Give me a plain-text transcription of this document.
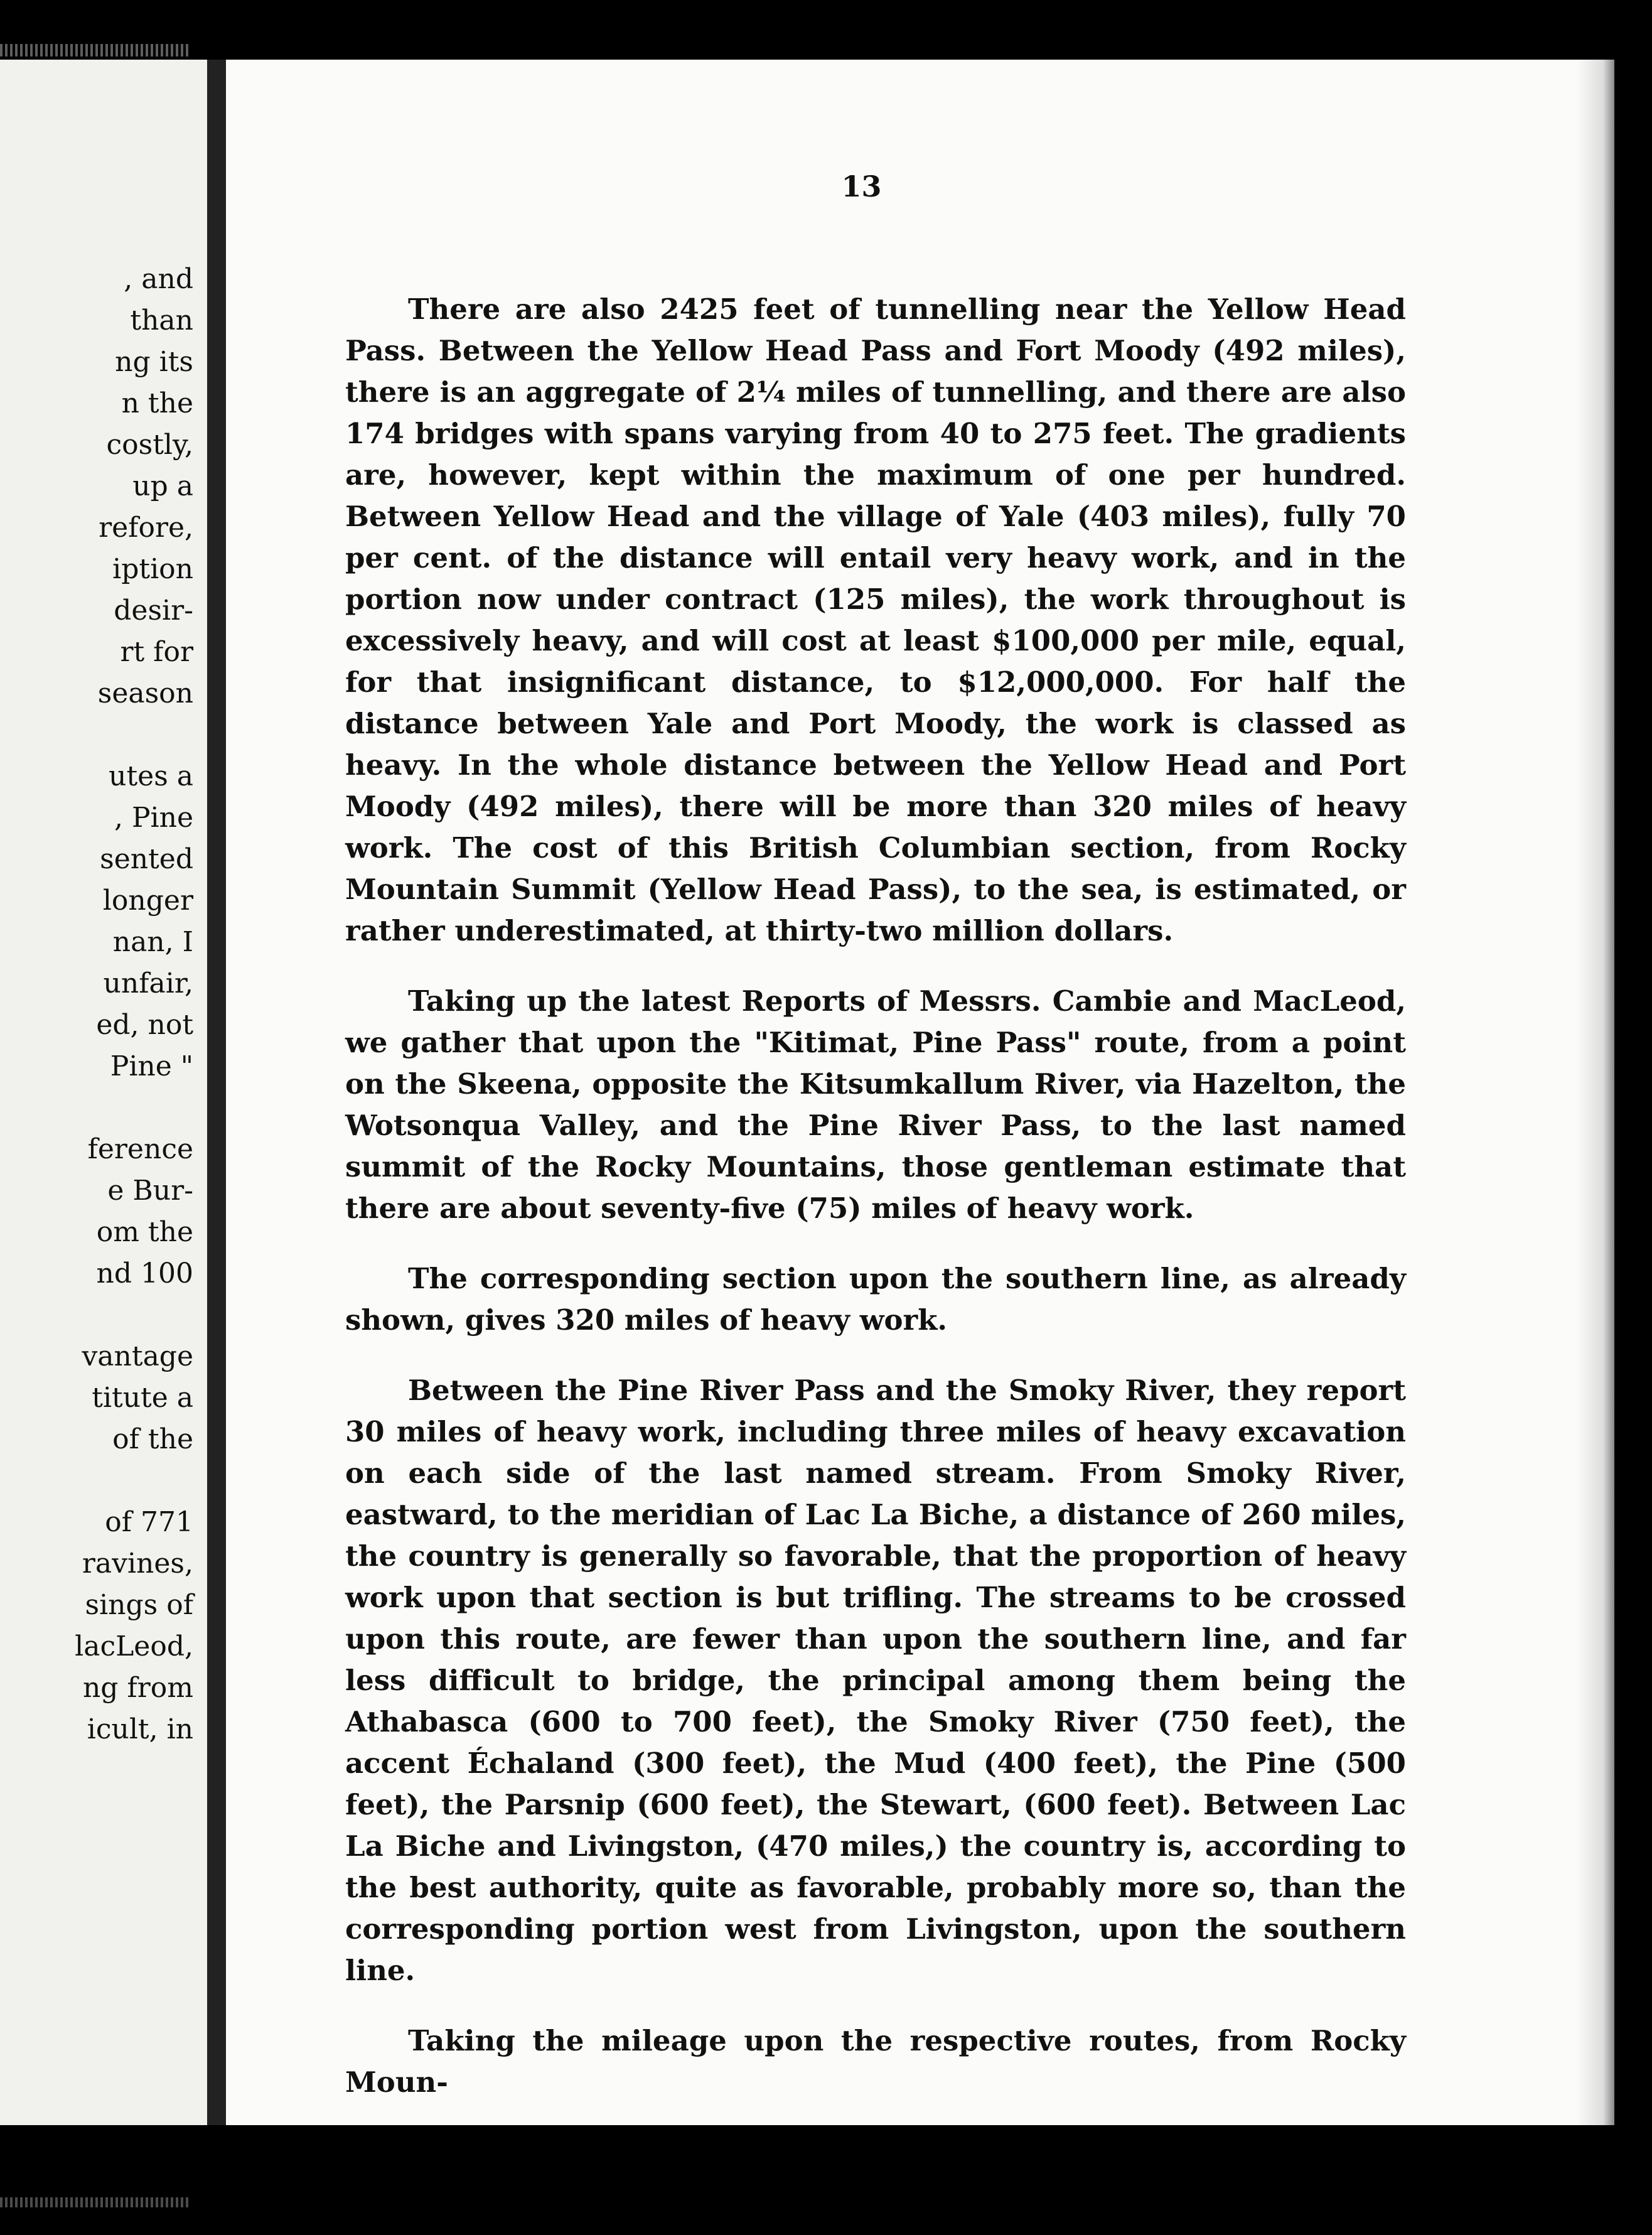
, and
than
ng its
n the
costly,
up a
refore,
iption
desir-
rt for
season
utes a
, Pine
sented
longer
nan, I
unfair,
ed, not
Pine "
ference
e Bur-
om the
nd 100
vantage
titute a
of the
of 771
ravines,
sings of
lacLeod,
ng from
icult, in
13

There are also 2425 feet of tunnelling near the Yellow Head Pass. Between the Yellow Head Pass and Fort Moody (492 miles), there is an aggregate of 2¼ miles of tunnelling, and there are also 174 bridges with spans varying from 40 to 275 feet. The gradients are, however, kept within the maximum of one per hundred. Between Yellow Head and the village of Yale (403 miles), fully 70 per cent. of the distance will entail very heavy work, and in the portion now under contract (125 miles), the work throughout is excessively heavy, and will cost at least $100,000 per mile, equal, for that insignificant distance, to $12,000,000. For half the distance between Yale and Port Moody, the work is classed as heavy. In the whole distance between the Yellow Head and Port Moody (492 miles), there will be more than 320 miles of heavy work. The cost of this British Columbian section, from Rocky Mountain Summit (Yellow Head Pass), to the sea, is estimated, or rather underestimated, at thirty-two million dollars.

Taking up the latest Reports of Messrs. Cambie and MacLeod, we gather that upon the "Kitimat, Pine Pass" route, from a point on the Skeena, opposite the Kitsumkallum River, via Hazelton, the Wotsonqua Valley, and the Pine River Pass, to the last named summit of the Rocky Mountains, those gentleman estimate that there are about seventy-five (75) miles of heavy work.

The corresponding section upon the southern line, as already shown, gives 320 miles of heavy work.

Between the Pine River Pass and the Smoky River, they report 30 miles of heavy work, including three miles of heavy excavation on each side of the last named stream. From Smoky River, eastward, to the meridian of Lac La Biche, a distance of 260 miles, the country is generally so favorable, that the proportion of heavy work upon that section is but trifling. The streams to be crossed upon this route, are fewer than upon the southern line, and far less difficult to bridge, the principal among them being the Athabasca (600 to 700 feet), the Smoky River (750 feet), the accent Échaland (300 feet), the Mud (400 feet), the Pine (500 feet), the Parsnip (600 feet), the Stewart, (600 feet). Between Lac La Biche and Livingston, (470 miles,) the country is, according to the best authority, quite as favorable, probably more so, than the corresponding portion west from Livingston, upon the southern line.

Taking the mileage upon the respective routes, from Rocky Moun-
